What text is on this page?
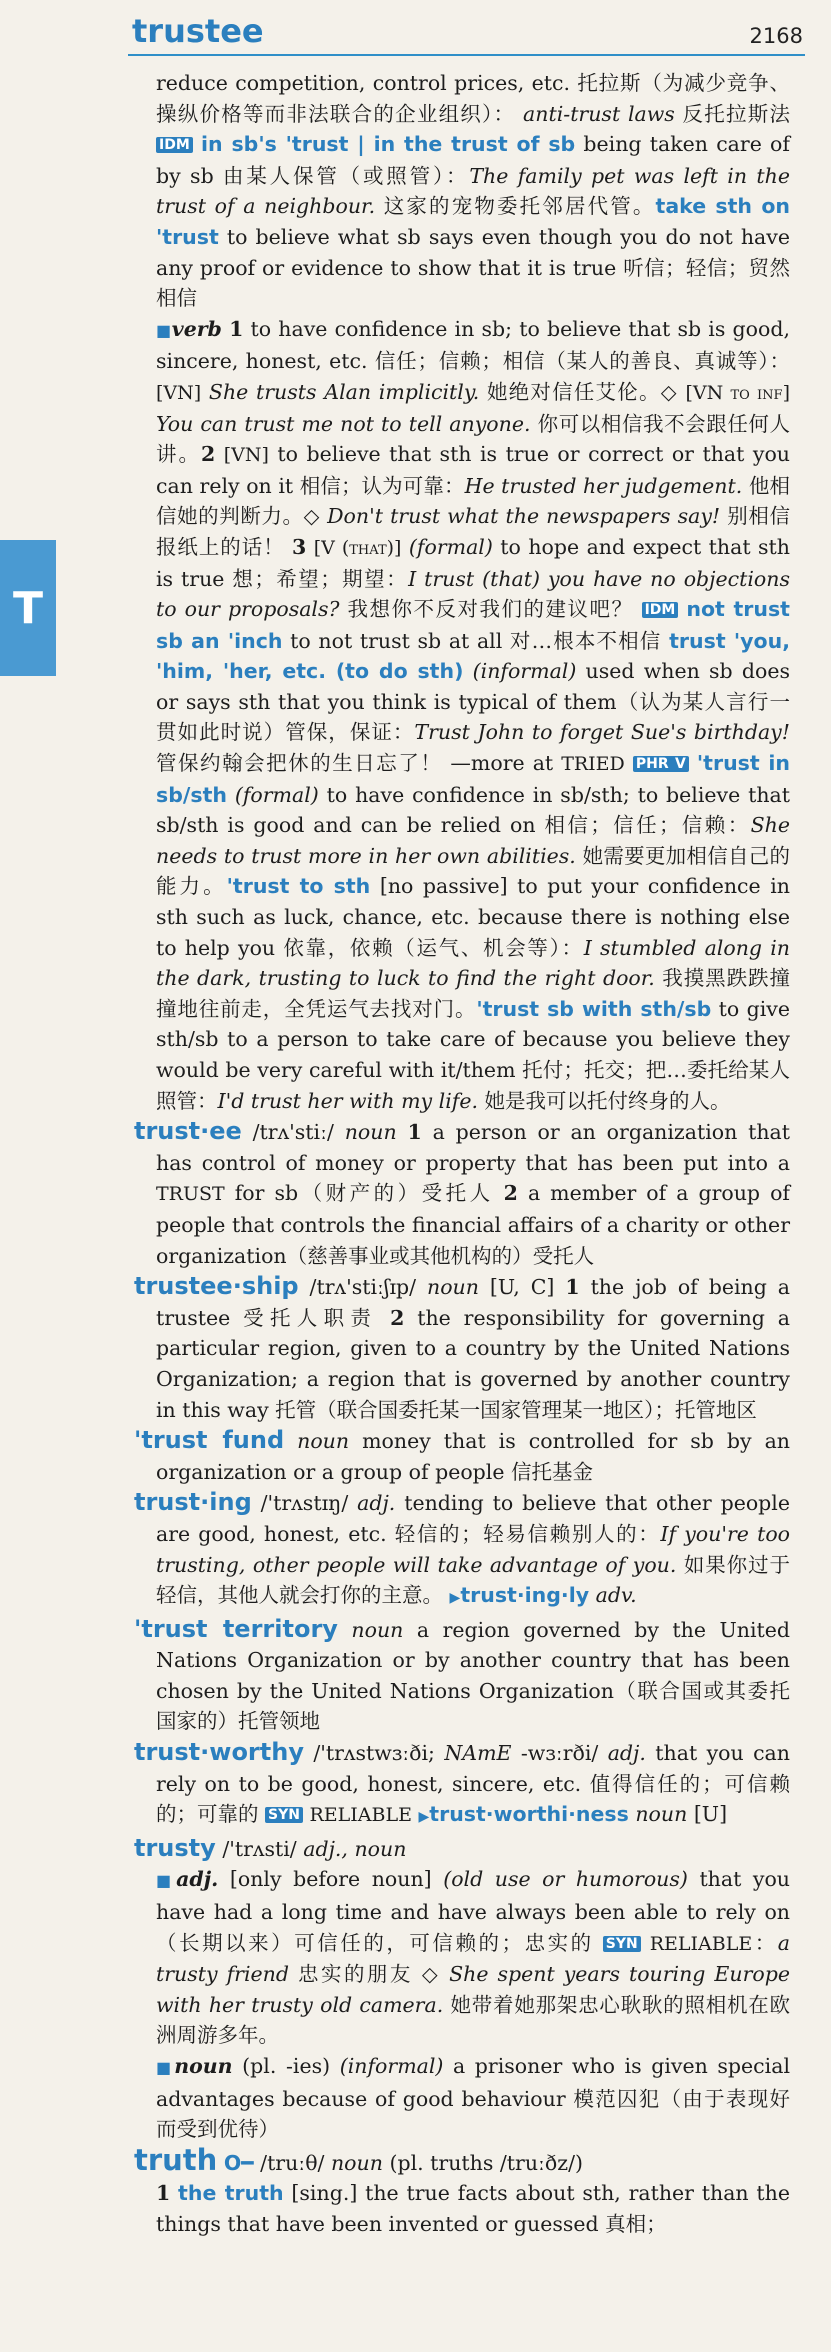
trustee	2168
T

reduce competition, control prices, etc. 托拉斯（为减少竞争、操纵价格等而非法联合的企业组织）： anti-trust laws 反托拉斯法 IDM in sb's 'trust | in the trust of sb being taken care of by sb 由某人保管（或照管）：The family pet was left in the trust of a neighbour. 这家的宠物委托邻居代管。take sth on 'trust to believe what sb says even though you do not have any proof or evidence to show that it is true 听信；轻信；贸然相信

■verb 1 to have confidence in sb; to believe that sb is good, sincere, honest, etc. 信任；信赖；相信（某人的善良、真诚等）：[VN] She trusts Alan implicitly. 她绝对信任艾伦。◇ [VN to inf] You can trust me not to tell anyone. 你可以相信我不会跟任何人讲。2 [VN] to believe that sth is true or correct or that you can rely on it 相信；认为可靠：He trusted her judgement. 他相信她的判断力。◇ Don't trust what the newspapers say! 别相信报纸上的话！ 3 [V (that)] (formal) to hope and expect that sth is true 想；希望；期望：I trust (that) you have no objections to our proposals? 我想你不反对我们的建议吧？ IDM not trust sb an 'inch to not trust sb at all 对…根本不相信 trust 'you, 'him, 'her, etc. (to do sth) (informal) used when sb does or says sth that you think is typical of them（认为某人言行一贯如此时说）管保，保证：Trust John to forget Sue's birthday! 管保约翰会把休的生日忘了！ —more at TRIED PHR V 'trust in sb/sth (formal) to have confidence in sb/sth; to believe that sb/sth is good and can be relied on 相信；信任；信赖：She needs to trust more in her own abilities. 她需要更加相信自己的能力。'trust to sth [no passive] to put your confidence in sth such as luck, chance, etc. because there is nothing else to help you 依靠，依赖（运气、机会等）：I stumbled along in the dark, trusting to luck to find the right door. 我摸黑跌跌撞撞地往前走，全凭运气去找对门。'trust sb with sth/sb to give sth/sb to a person to take care of because you believe they would be very careful with it/them 托付；托交；把…委托给某人照管：I'd trust her with my life. 她是我可以托付终身的人。

trust·ee /trʌ'stiː/ noun 1 a person or an organization that has control of money or property that has been put into a TRUST for sb（财产的）受托人 2 a member of a group of people that controls the financial affairs of a charity or other organization（慈善事业或其他机构的）受托人

trustee·ship /trʌ'stiːʃɪp/ noun [U, C] 1 the job of being a trustee 受托人职责 2 the responsibility for governing a particular region, given to a country by the United Nations Organization; a region that is governed by another country in this way 托管（联合国委托某一国家管理某一地区）；托管地区

'trust fund noun money that is controlled for sb by an organization or a group of people 信托基金

trust·ing /'trʌstɪŋ/ adj. tending to believe that other people are good, honest, etc. 轻信的；轻易信赖别人的：If you're too trusting, other people will take advantage of you. 如果你过于轻信，其他人就会打你的主意。 ▶trust·ing·ly adv.

'trust territory noun a region governed by the United Nations Organization or by another country that has been chosen by the United Nations Organization（联合国或其委托国家的）托管领地

trust·worthy /'trʌstwɜːði; NAmE -wɜːrði/ adj. that you can rely on to be good, honest, sincere, etc. 值得信任的；可信赖的；可靠的 SYN RELIABLE ▶trust·worthi·ness noun [U]

trusty /'trʌsti/ adj., noun

■adj. [only before noun] (old use or humorous) that you have had a long time and have always been able to rely on（长期以来）可信任的，可信赖的；忠实的 SYN RELIABLE：a trusty friend 忠实的朋友 ◇ She spent years touring Europe with her trusty old camera. 她带着她那架忠心耿耿的照相机在欧洲周游多年。

■noun (pl. -ies) (informal) a prisoner who is given special advantages because of good behaviour 模范囚犯（由于表现好而受到优待）

truth O━ /truːθ/ noun (pl. truths /truːðz/)

1 the truth [sing.] the true facts about sth, rather than the things that have been invented or guessed 真相；
